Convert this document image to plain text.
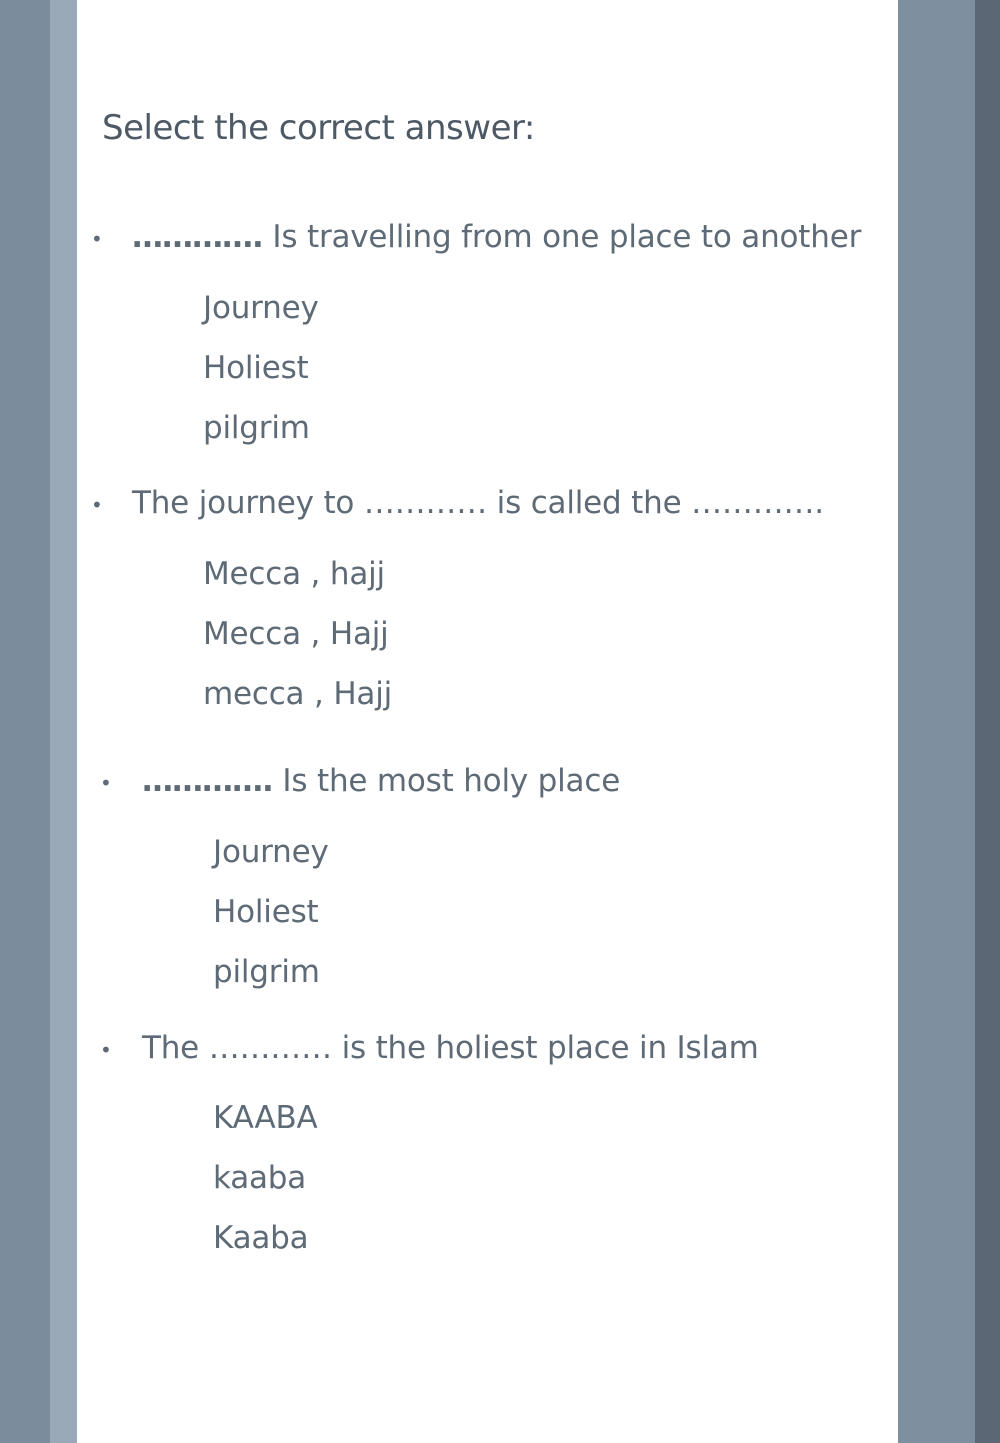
Select the correct answer:
• …………. Is travelling from one place to another
Journey
Holiest
pilgrim
• The journey to ………… is called the ………….
Mecca , hajj
Mecca , Hajj
mecca , Hajj
• …………. Is the most holy place
Journey
Holiest
pilgrim
• The ………… is the holiest place in Islam
KAABA
kaaba
Kaaba
